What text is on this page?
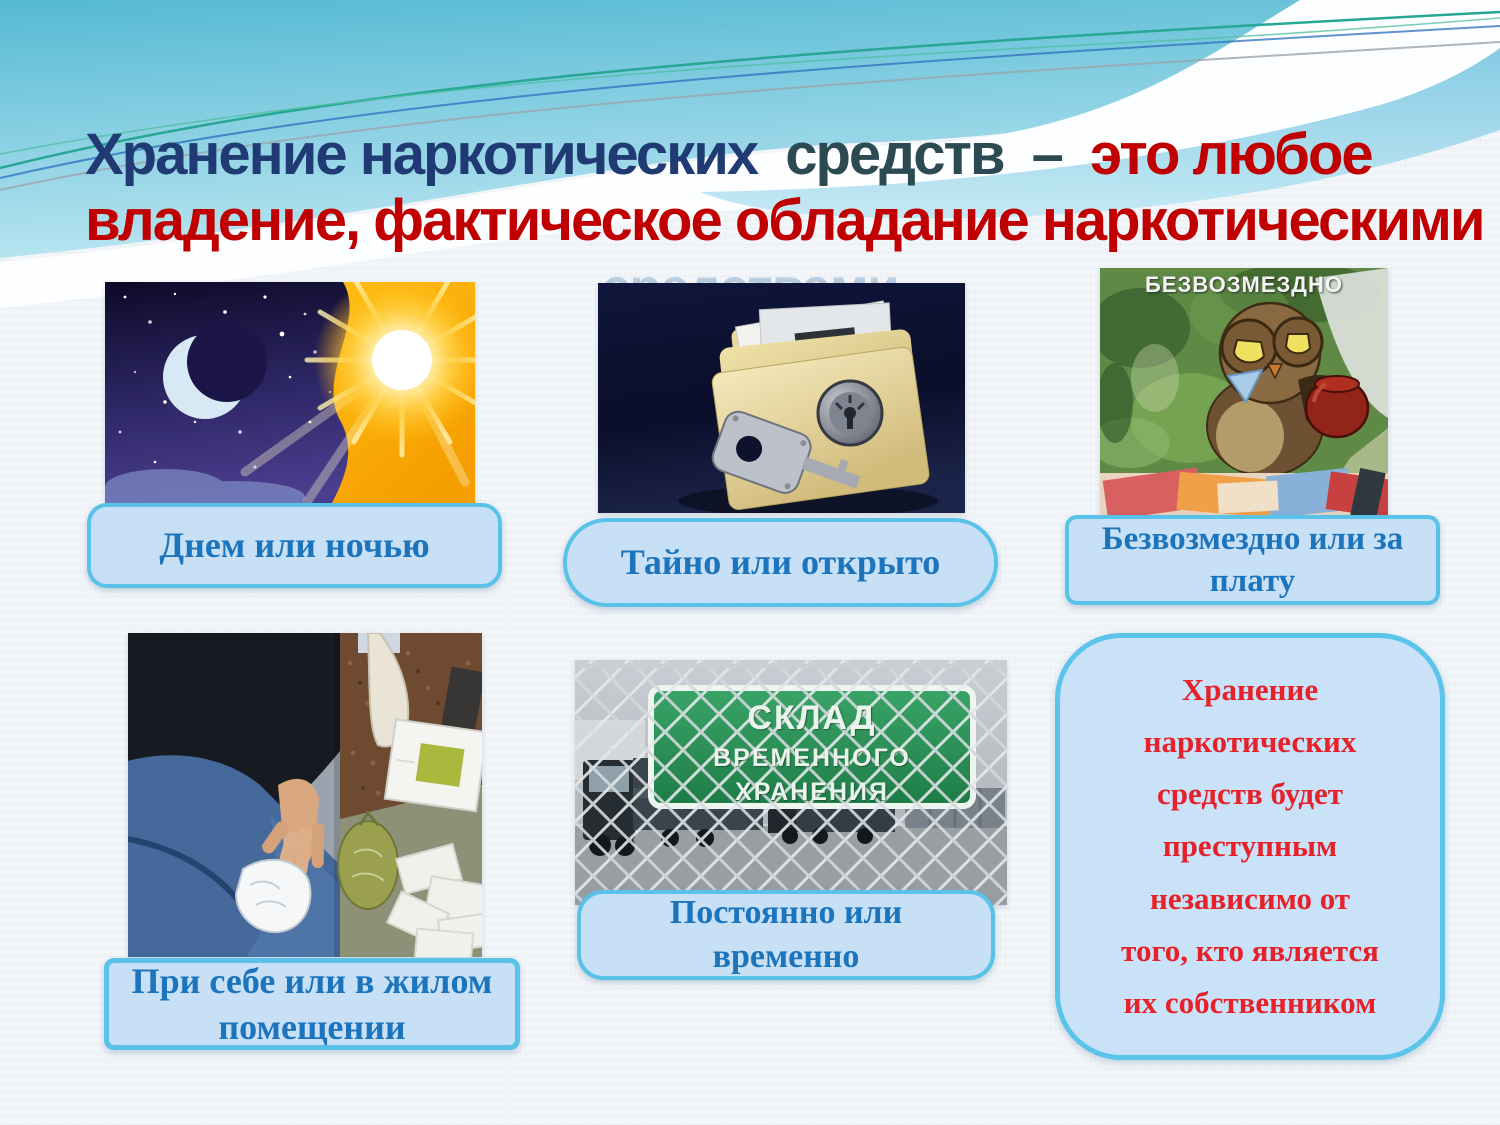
Хранение наркотических средств – это любое
владение, фактическое обладание наркотическими
Днем или ночью	Тайно или открыто
БЕЗВОЗМЕЗДНО
Безвозмездно или за
плату
При себе или в жилом
помещении
СКЛАД
ВРЕМЕННОГО ХРАНЕНИЯ
Постоянно или
временно
Хранение
наркотических
средств будет
преступным
независимо от
того, кто является
их собственником
